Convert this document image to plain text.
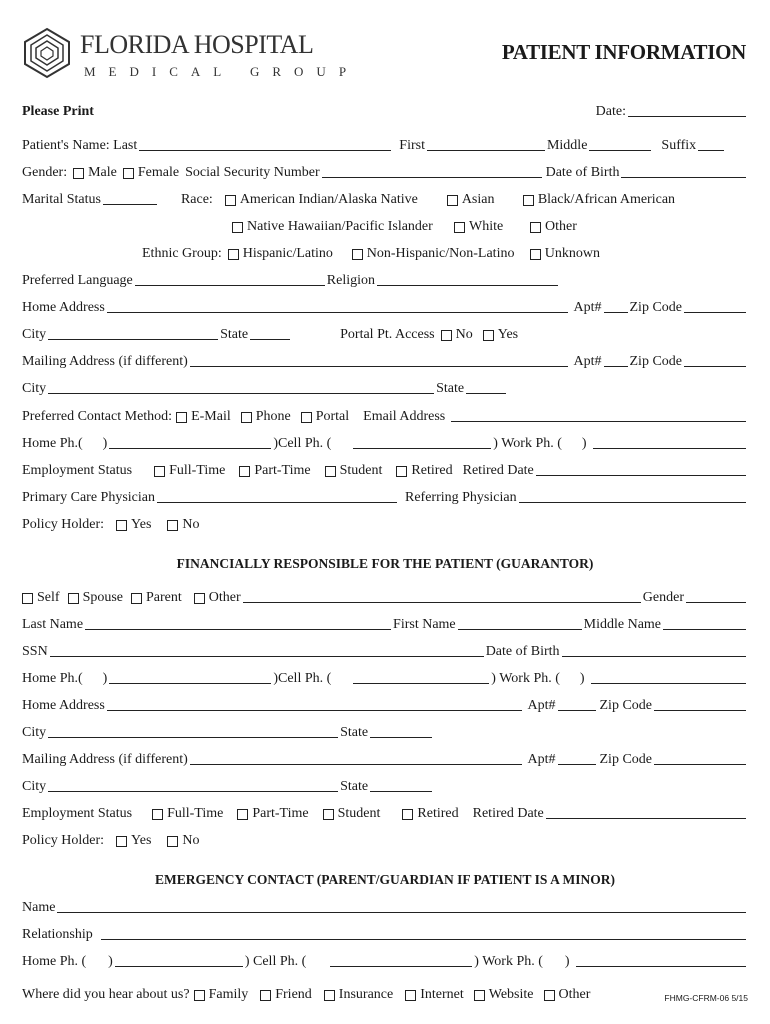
FLORIDA HOSPITAL
MEDICAL GROUP
PATIENT INFORMATION
Please Print	Date:
Patient's Name: Last	First	Middle	Suffix
Gender: Male Female Social Security Number	Date of Birth
Marital Status	Race: American Indian/Alaska Native	Asian	Black/African American
Native Hawaiian/Pacific Islander	White	Other
Ethnic Group: Hispanic/Latino Non-Hispanic/Non-Latino Unknown
Preferred Language	Religion
Home Address	Apt# Zip Code
City	State	Portal Pt. Access No Yes
Mailing Address (if different)	Apt# Zip Code
City	State
Preferred Contact Method: E-Mail Phone Portal Email Address
Home Ph.( )	)Cell Ph. (	) Work Ph. ( )
Employment Status	Full-Time Part-Time Student Retired Retired Date
Primary Care Physician	Referring Physician
Policy Holder: Yes No
FINANCIALLY RESPONSIBLE FOR THE PATIENT (GUARANTOR)
Self Spouse Parent Other	Gender
Last Name	First Name	Middle Name
SSN	Date of Birth
Home Ph.( )	)Cell Ph. (	) Work Ph. ( )
Home Address	Apt#	Zip Code
City	State
Mailing Address (if different)	Apt#	Zip Code
City	State
Employment Status	Full-Time Part-Time Student	Retired Retired Date
Policy Holder: Yes No
EMERGENCY CONTACT (PARENT/GUARDIAN IF PATIENT IS A MINOR)
Name
Relationship
Home Ph. ( )	) Cell Ph. (	) Work Ph. ( )
Where did you hear about us? Family Friend Insurance Internet Website Other	FHMG-CFRM-06 5/15
